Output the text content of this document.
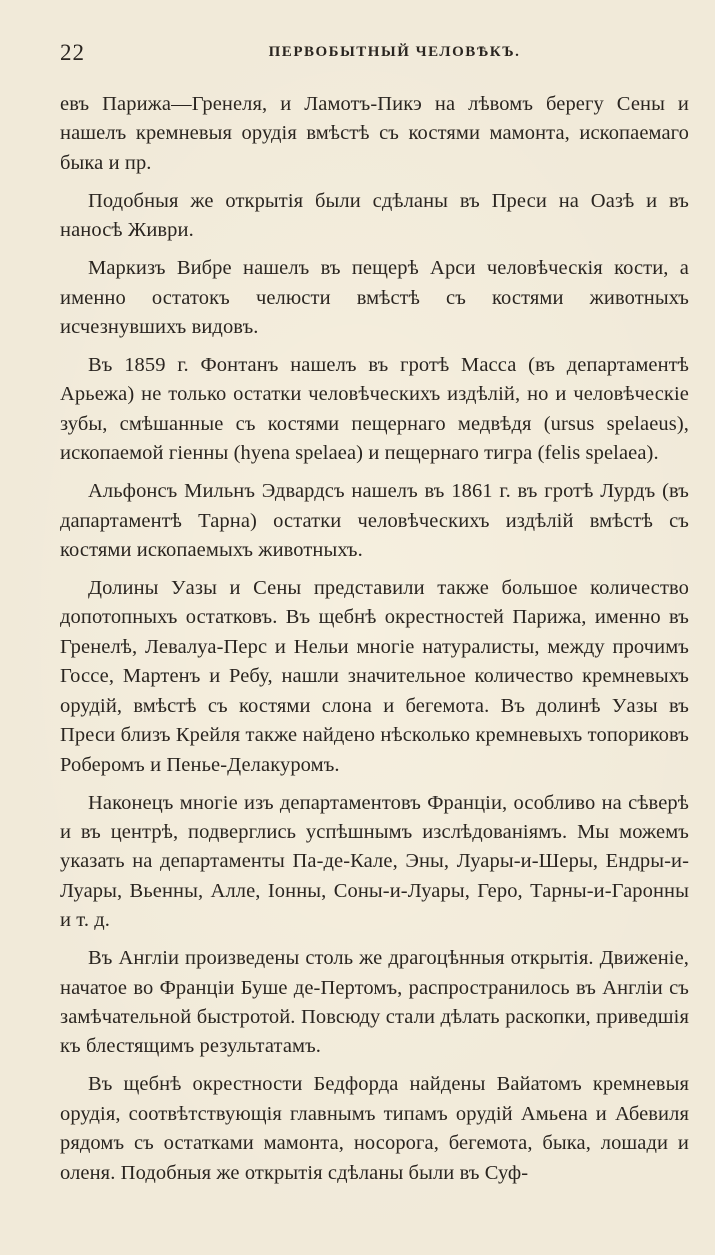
22	ПЕРВОБЫТНЫЙ ЧЕЛОВѢКЪ.

евъ Парижа—Гренеля, и Ламотъ-Пикэ на лѣвомъ берегу Сены и нашелъ кремневыя орудія вмѣстѣ съ костями мамонта, ископаемаго быка и пр.

Подобныя же открытія были сдѣланы въ Преси на Оазѣ и въ наносѣ Живри.

Маркизъ Вибре нашелъ въ пещерѣ Арси человѣческія кости, а именно остатокъ челюсти вмѣстѣ съ костями животныхъ исчезнувшихъ видовъ.

Въ 1859 г. Фонтанъ нашелъ въ гротѣ Масса (въ департаментѣ Арьежа) не только остатки человѣческихъ издѣлій, но и человѣческіе зубы, смѣшанные съ костями пещернаго медвѣдя (ursus spelaeus), ископаемой гіенны (hyena spelaea) и пещернаго тигра (felis spelaea).

Альфонсъ Мильнъ Эдвардсъ нашелъ въ 1861 г. въ гротѣ Лурдъ (въ дапартаментѣ Тарна) остатки человѣческихъ издѣлій вмѣстѣ съ костями ископаемыхъ животныхъ.

Долины Уазы и Сены представили также большое количество допотопныхъ остатковъ. Въ щебнѣ окрестностей Парижа, именно въ Гренелѣ, Левалуа-Перс и Нельи многіе натуралисты, между прочимъ Госсе, Мартенъ и Ребу, нашли значительное количество кремневыхъ орудій, вмѣстѣ съ костями слона и бегемота. Въ долинѣ Уазы въ Преси близъ Крейля также найдено нѣсколько кремневыхъ топориковъ Роберомъ и Пенье-Делакуромъ.

Наконецъ многіе изъ департаментовъ Франціи, особливо на сѣверѣ и въ центрѣ, подверглись успѣшнымъ изслѣдованіямъ. Мы можемъ указать на департаменты Па-де-Кале, Эны, Луары-и-Шеры, Ендры-и-Луары, Вьенны, Алле, Іонны, Соны-и-Луары, Геро, Тарны-и-Гаронны и т. д.

Въ Англіи произведены столь же драгоцѣнныя открытія. Движеніе, начатое во Франціи Буше де-Пертомъ, распространилось въ Англіи съ замѣчательной быстротой. Повсюду стали дѣлать раскопки, приведшія къ блестящимъ результатамъ.

Въ щебнѣ окрестности Бедфорда найдены Вайатомъ кремневыя орудія, соотвѣтствующія главнымъ типамъ орудій Амьена и Абевиля рядомъ съ остатками мамонта, носорога, бегемота, быка, лошади и оленя. Подобныя же открытія сдѣланы были въ Суф-
